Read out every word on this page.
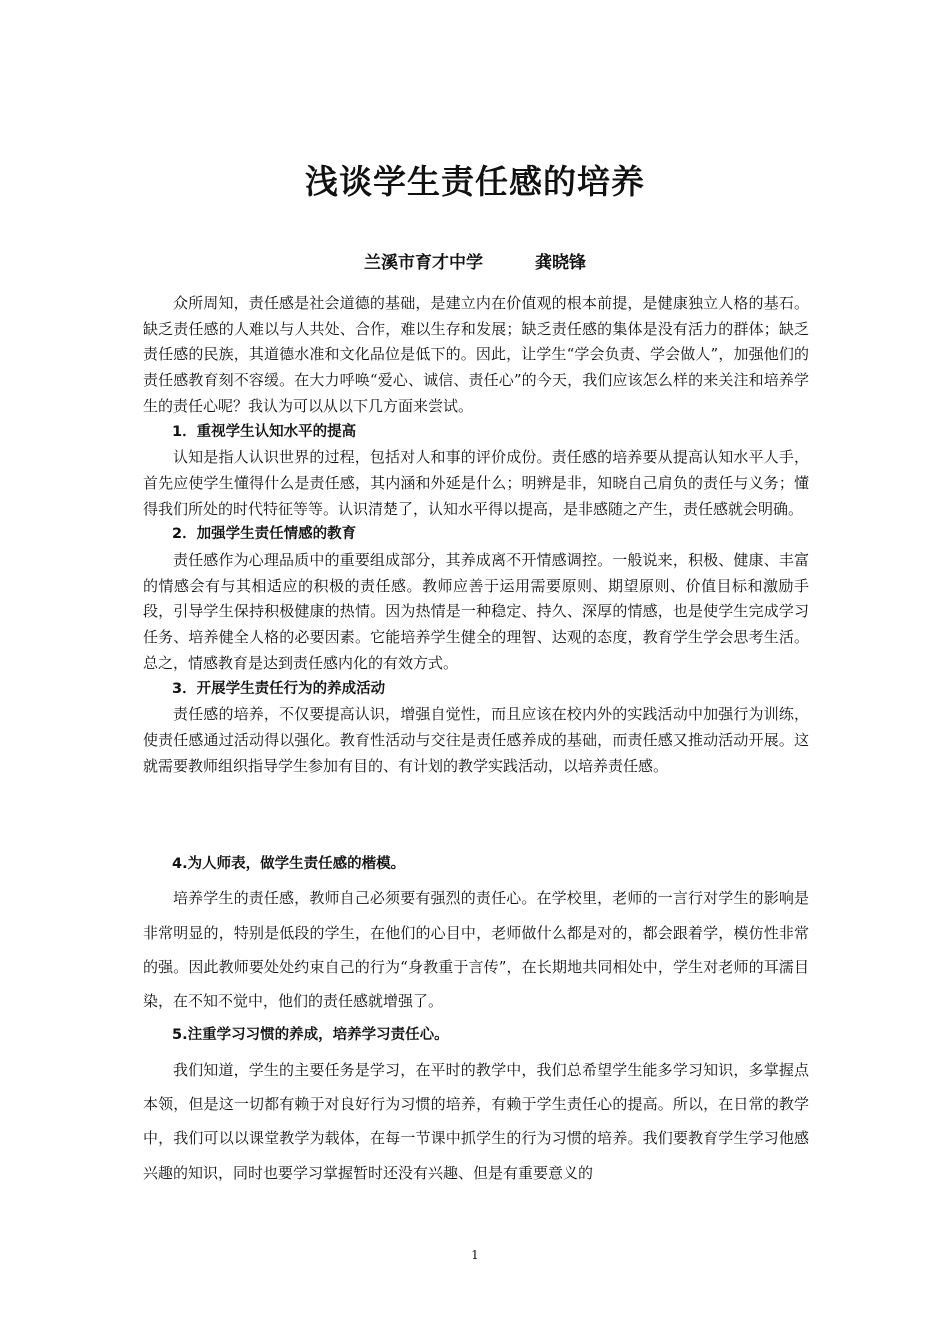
浅谈学生责任感的培养
兰溪市育才中学	龚晓锋

众所周知，责任感是社会道德的基础，是建立内在价值观的根本前提，是健康独立人格的基石。缺乏责任感的人难以与人共处、合作，难以生存和发展；缺乏责任感的集体是没有活力的群体；缺乏责任感的民族，其道德水准和文化品位是低下的。因此，让学生“学会负责、学会做人”，加强他们的责任感教育刻不容缓。在大力呼唤“爱心、诚信、责任心”的今天，我们应该怎么样的来关注和培养学生的责任心呢？我认为可以从以下几方面来尝试。

1．重视学生认知水平的提高

认知是指人认识世界的过程，包括对人和事的评价成份。责任感的培养要从提高认知水平人手，首先应使学生懂得什么是责任感，其内涵和外延是什么；明辨是非，知晓自己肩负的责任与义务；懂得我们所处的时代特征等等。认识清楚了，认知水平得以提高，是非感随之产生，责任感就会明确。

2．加强学生责任情感的教育

责任感作为心理品质中的重要组成部分，其养成离不开情感调控。一般说来，积极、健康、丰富的情感会有与其相适应的积极的责任感。教师应善于运用需要原则、期望原则、价值目标和激励手段，引导学生保持积极健康的热情。因为热情是一种稳定、持久、深厚的情感，也是使学生完成学习任务、培养健全人格的必要因素。它能培养学生健全的理智、达观的态度，教育学生学会思考生活。总之，情感教育是达到责任感内化的有效方式。

3．开展学生责任行为的养成活动

责任感的培养，不仅要提高认识，增强自觉性，而且应该在校内外的实践活动中加强行为训练，使责任感通过活动得以强化。教育性活动与交往是责任感养成的基础，而责任感又推动活动开展。这就需要教师组织指导学生参加有目的、有计划的教学实践活动，以培养责任感。

4.为人师表，做学生责任感的楷模。

培养学生的责任感，教师自己必须要有强烈的责任心。在学校里，老师的一言行对学生的影响是非常明显的，特别是低段的学生，在他们的心目中，老师做什么都是对的，都会跟着学，模仿性非常的强。因此教师要处处约束自己的行为“身教重于言传”，在长期地共同相处中，学生对老师的耳濡目染，在不知不觉中，他们的责任感就增强了。

5.注重学习习惯的养成，培养学习责任心。

我们知道，学生的主要任务是学习，在平时的教学中，我们总希望学生能多学习知识，多掌握点本领，但是这一切都有赖于对良好行为习惯的培养，有赖于学生责任心的提高。所以，在日常的教学中，我们可以以课堂教学为载体，在每一节课中抓学生的行为习惯的培养。我们要教育学生学习他感兴趣的知识，同时也要学习掌握暂时还没有兴趣、但是有重要意义的

1
